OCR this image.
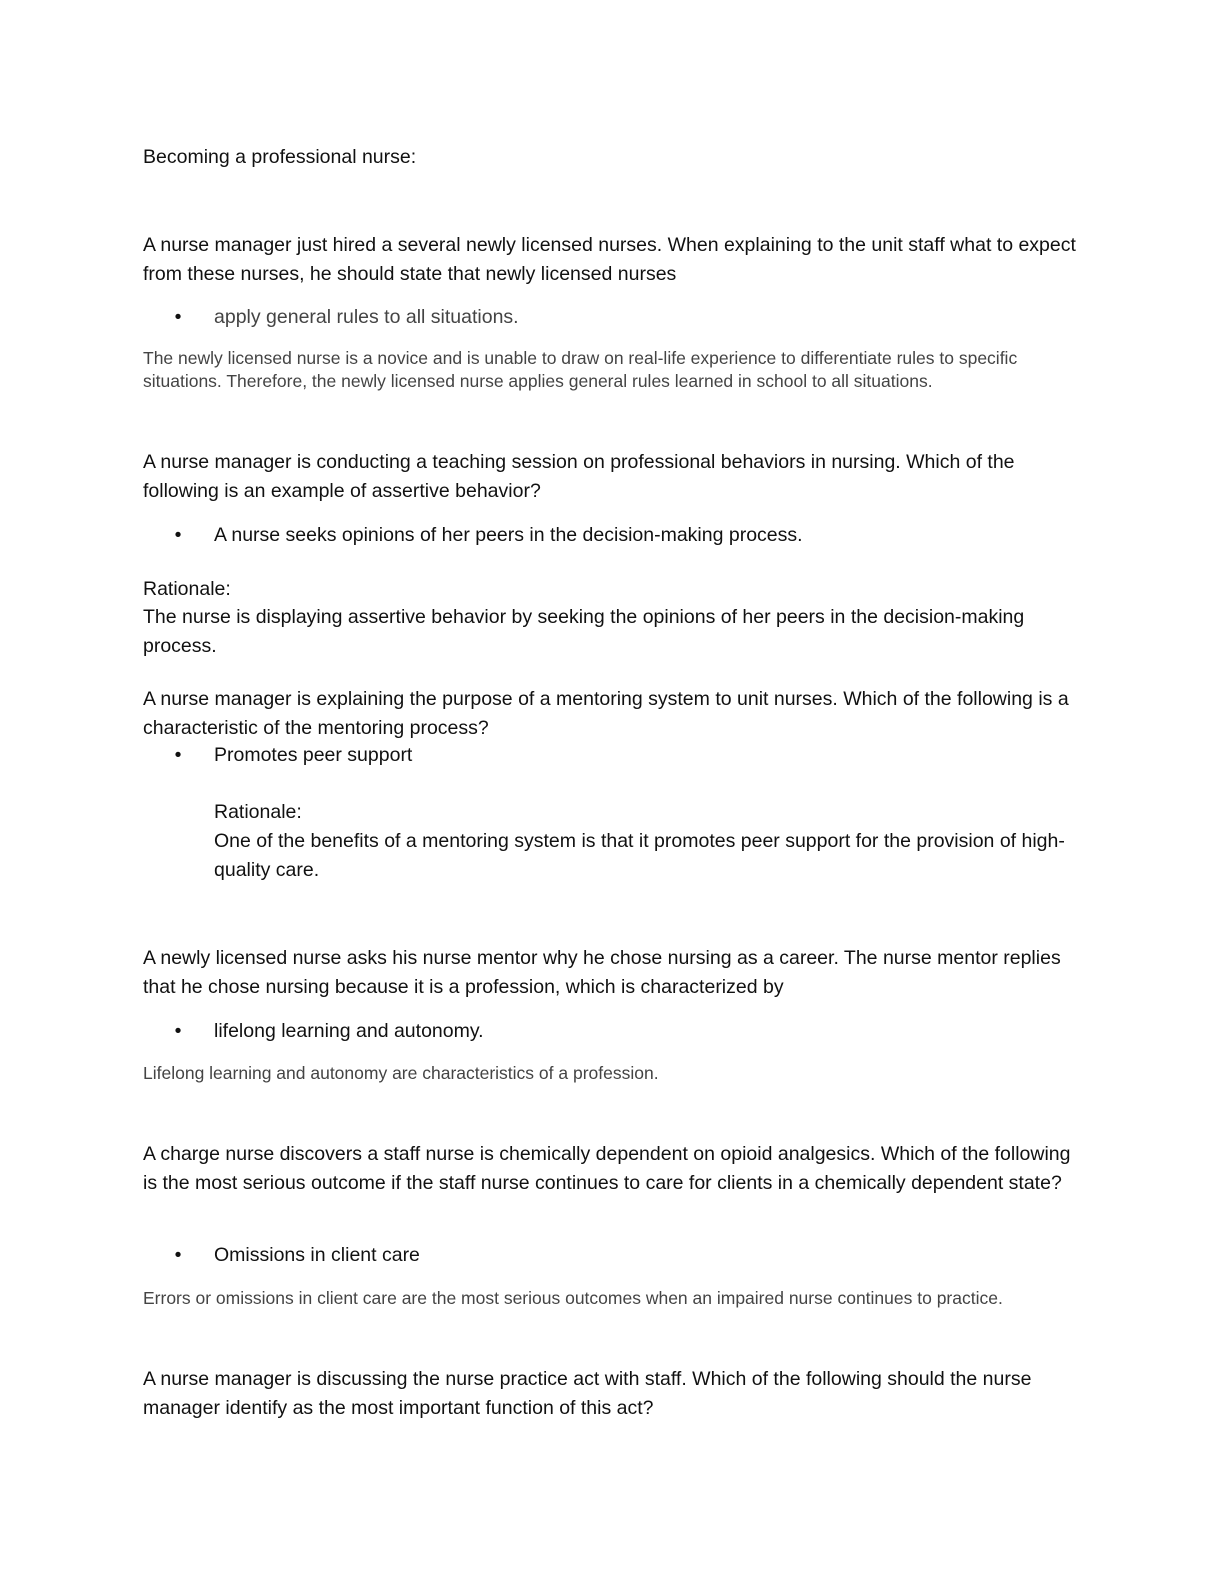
Becoming a professional nurse:

A nurse manager just hired a several newly licensed nurses. When explaining to the unit staff what to expect from these nurses, he should state that newly licensed nurses

• apply general rules to all situations.

The newly licensed nurse is a novice and is unable to draw on real-life experience to differentiate rules to specific situations. Therefore, the newly licensed nurse applies general rules learned in school to all situations.

A nurse manager is conducting a teaching session on professional behaviors in nursing. Which of the following is an example of assertive behavior?

• A nurse seeks opinions of her peers in the decision-making process.

Rationale:

The nurse is displaying assertive behavior by seeking the opinions of her peers in the decision-making process.

A nurse manager is explaining the purpose of a mentoring system to unit nurses. Which of the following is a characteristic of the mentoring process?

• Promotes peer support

Rationale:

One of the benefits of a mentoring system is that it promotes peer support for the provision of high-quality care.

A newly licensed nurse asks his nurse mentor why he chose nursing as a career. The nurse mentor replies that he chose nursing because it is a profession, which is characterized by

• lifelong learning and autonomy.

Lifelong learning and autonomy are characteristics of a profession.

A charge nurse discovers a staff nurse is chemically dependent on opioid analgesics. Which of the following is the most serious outcome if the staff nurse continues to care for clients in a chemically dependent state?

• Omissions in client care

Errors or omissions in client care are the most serious outcomes when an impaired nurse continues to practice.

A nurse manager is discussing the nurse practice act with staff. Which of the following should the nurse manager identify as the most important function of this act?
